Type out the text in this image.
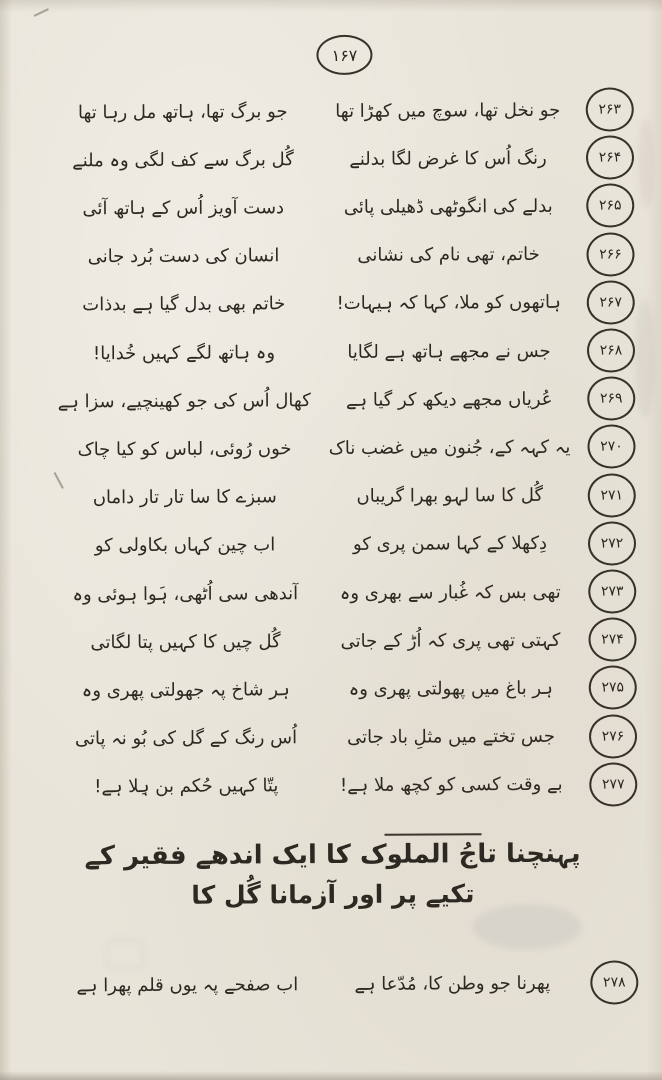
۱۶۷
۲۶۳
جو نخل تھا، سوچ میں کھڑا تھا
جو برگ تھا، ہاتھ مل رہا تھا
۲۶۴
رنگ اُس کا غرض لگا بدلنے
گُل برگ سے کف لگی وہ ملنے
۲۶۵
بدلے کی انگوٹھی ڈھیلی پائی
دست آویز اُس کے ہاتھ آئی
۲۶۶
خاتم، تھی نام کی نشانی
انسان کی دست بُرد جانی
۲۶۷
ہاتھوں کو ملا، کہا کہ ہیہات!
خاتم بھی بدل گیا ہے بدذات
۲۶۸
جس نے مجھے ہاتھ ہے لگایا
وہ ہاتھ لگے کہیں خُدایا!
۲۶۹
عُریاں مجھے دیکھ کر گیا ہے
کھال اُس کی جو کھینچیے، سزا ہے
۲۷۰
یہ کہہ کے، جُنون میں غضب ناک
خوں رُوئی، لباس کو کیا چاک
۲۷۱
گُل کا سا لہو بھرا گریباں
سبزے کا سا تار تار داماں
۲۷۲
دِکھلا کے کہا سمن پری کو
اب چین کہاں بکاولی کو
۲۷۳
تھی بس کہ غُبار سے بھری وہ
آندھی سی اُٹھی، ہَوا ہوئی وہ
۲۷۴
کہتی تھی پری کہ اُڑ کے جاتی
گُل چیں کا کہیں پتا لگاتی
۲۷۵
ہر باغ میں پھولتی پھری وہ
ہر شاخ پہ جھولتی پھری وہ
۲۷۶
جس تختے میں مثلِ باد جاتی
اُس رنگ کے گل کی بُو نہ پاتی
۲۷۷
بے وقت کسی کو کچھ ملا ہے!
پتّا کہیں حُکم بن ہِلا ہے!
۲۷۸
پھرنا جو وطن کا، مُدّعا ہے
اب صفحے پہ یوں قلم پھرا ہے
پہنچنا تاجُ الملوک کا ایک اندھے فقیر کے
تکیے پر اور آزمانا گُل کا
